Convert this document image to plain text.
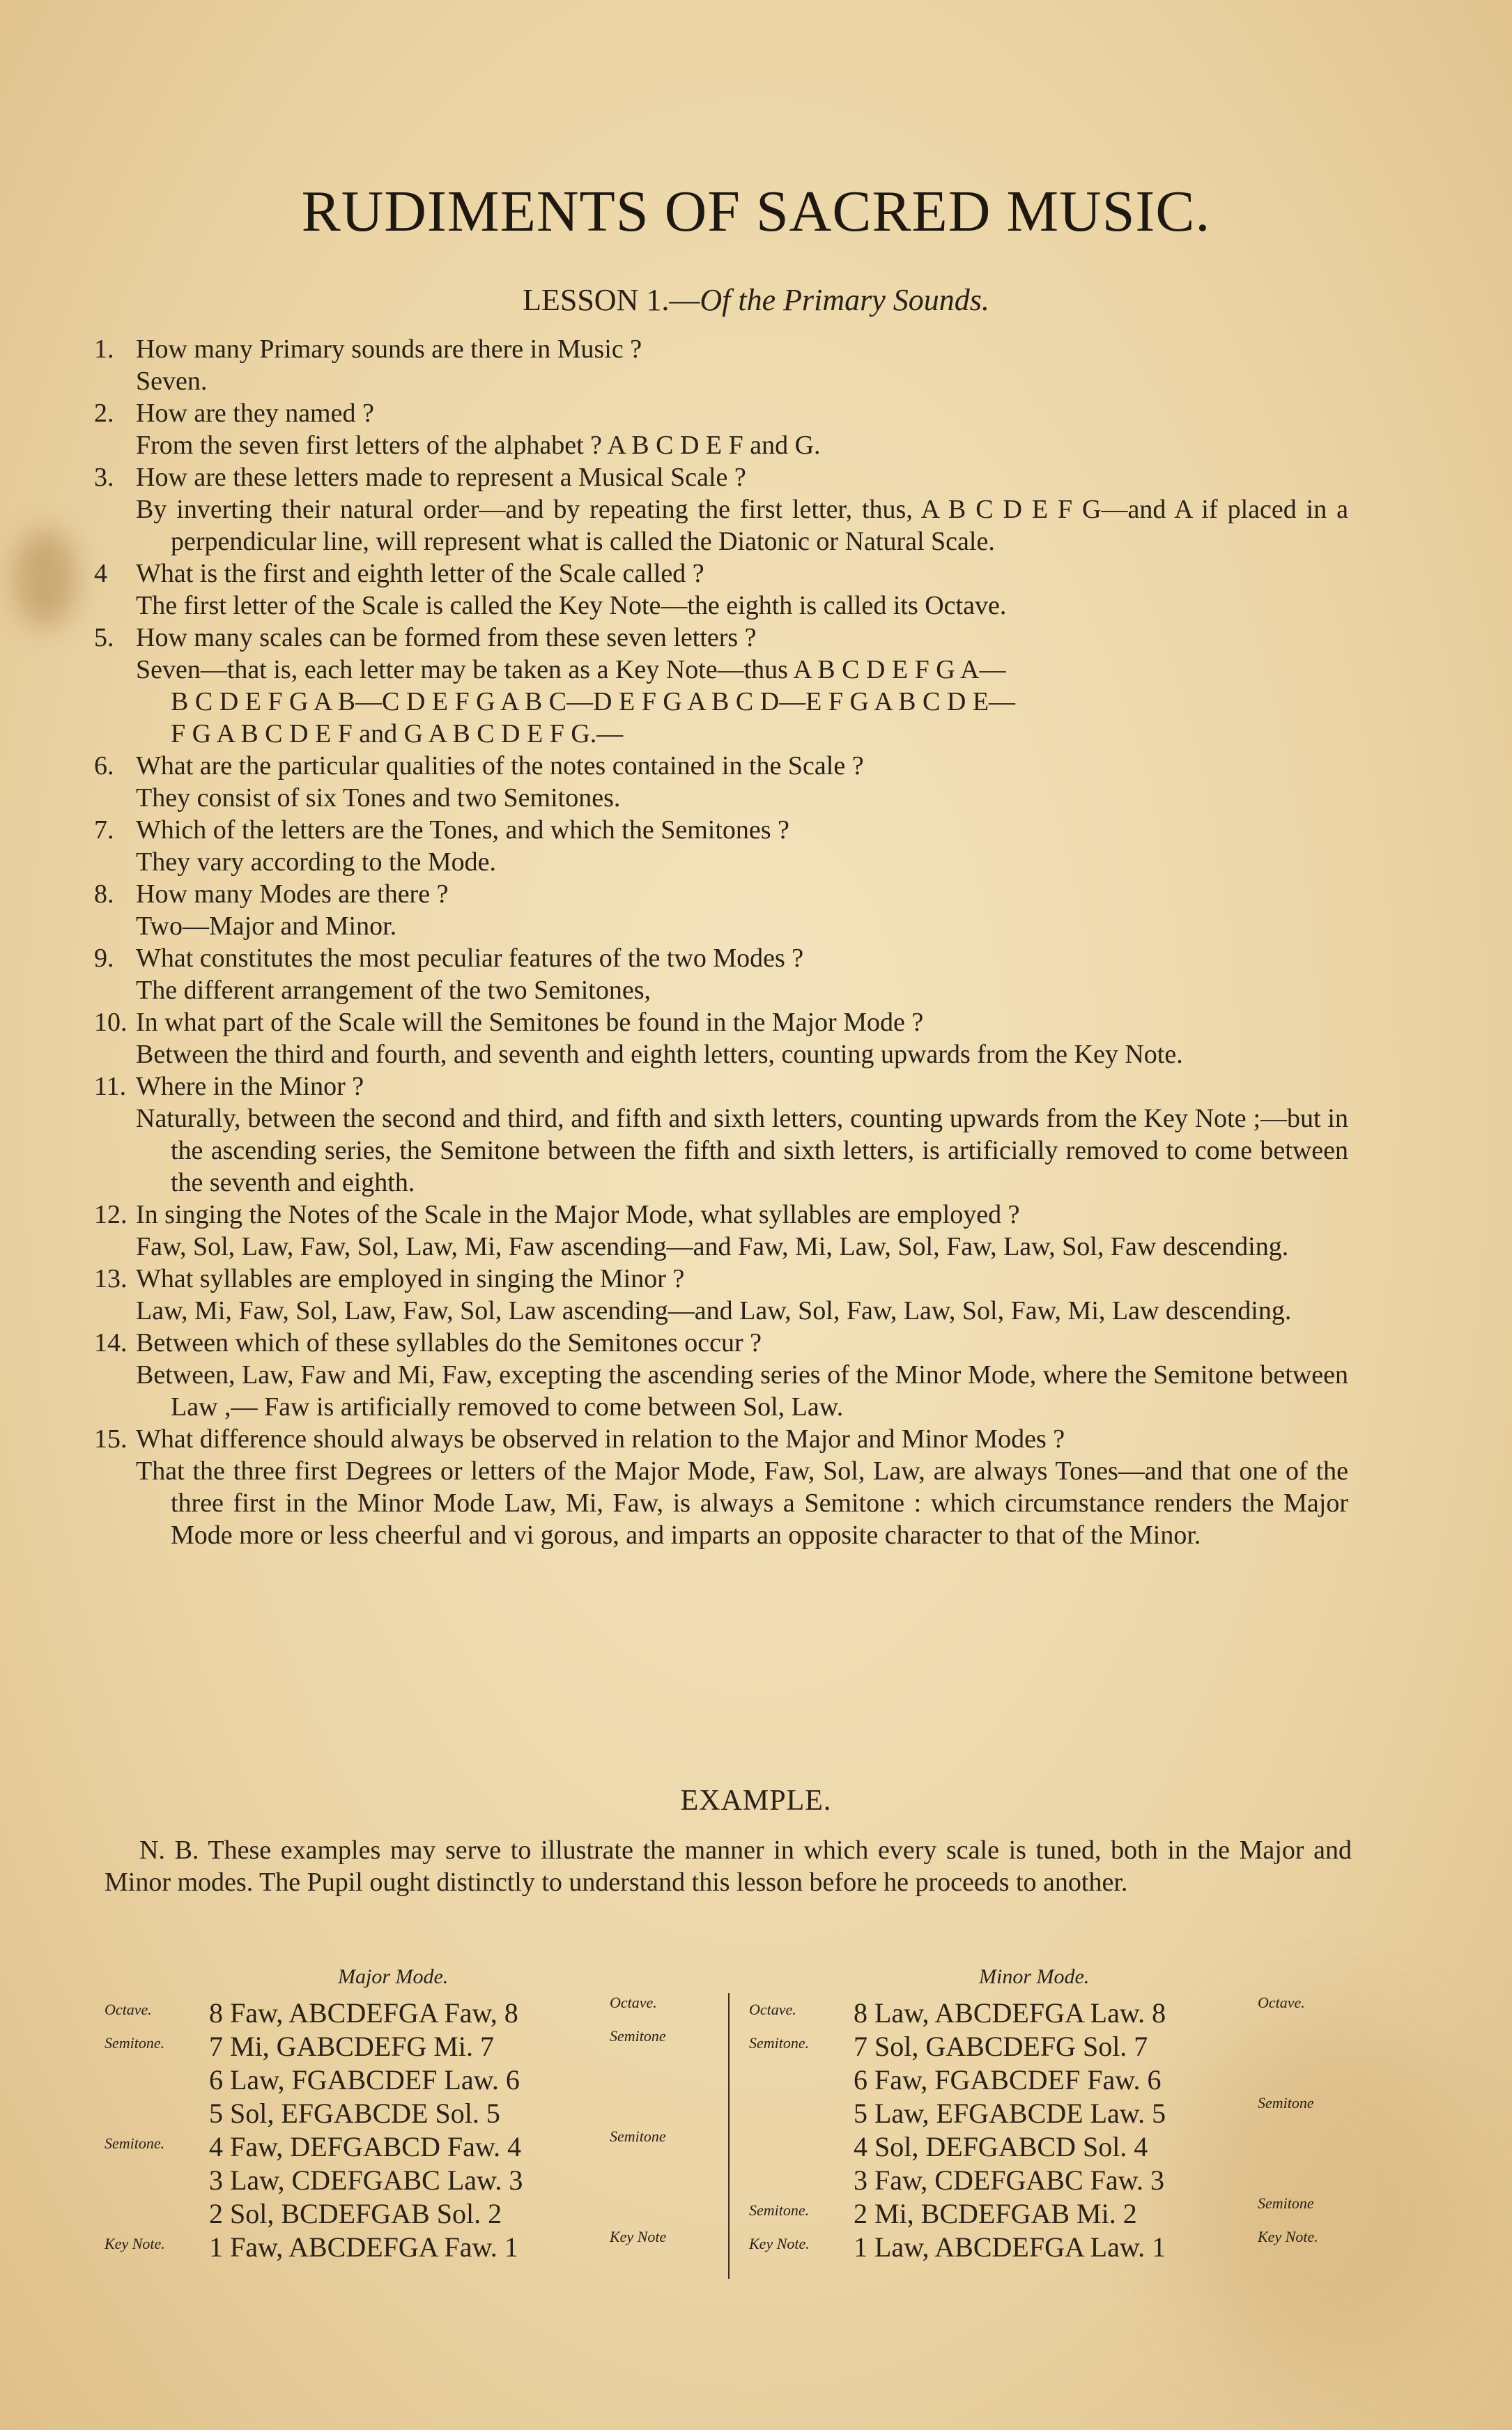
RUDIMENTS OF SACRED MUSIC.
LESSON 1.—Of the Primary Sounds.

1. How many Primary sounds are there in Music ?

Seven.

2. How are they named ?

From the seven first letters of the alphabet ? A B C D E F and G.

3. How are these letters made to represent a Musical Scale ?

By inverting their natural order—and by repeating the first letter, thus, A B C D E F G—and A if placed in a perpendicular line, will represent what is called the Diatonic or Natural Scale.

4 What is the first and eighth letter of the Scale called ?

The first letter of the Scale is called the Key Note—the eighth is called its Octave.

5. How many scales can be formed from these seven letters ?

Seven—that is, each letter may be taken as a Key Note—thus A B C D E F G A—
B C D E F G A B—C D E F G A B C—D E F G A B C D—E F G A B C D E—
F G A B C D E F and G A B C D E F G.—

6. What are the particular qualities of the notes contained in the Scale ?

They consist of six Tones and two Semitones.

7. Which of the letters are the Tones, and which the Semitones ?

They vary according to the Mode.

8. How many Modes are there ?

Two—Major and Minor.

9. What constitutes the most peculiar features of the two Modes ?

The different arrangement of the two Semitones,

10. In what part of the Scale will the Semitones be found in the Major Mode ?

Between the third and fourth, and seventh and eighth letters, counting upwards from the Key Note.

11. Where in the Minor ?

Naturally, between the second and third, and fifth and sixth letters, counting upwards from the Key Note ;—but in the ascending series, the Semitone between the fifth and sixth letters, is artificially removed to come between the seventh and eighth.

12. In singing the Notes of the Scale in the Major Mode, what syllables are employed ?

Faw, Sol, Law, Faw, Sol, Law, Mi, Faw ascending—and Faw, Mi, Law, Sol, Faw, Law, Sol, Faw descending.

13. What syllables are employed in singing the Minor ?

Law, Mi, Faw, Sol, Law, Faw, Sol, Law ascending—and Law, Sol, Faw, Law, Sol, Faw, Mi, Law descending.

14. Between which of these syllables do the Semitones occur ?

Between, Law, Faw and Mi, Faw, excepting the ascending series of the Minor Mode, where the Semitone between Law ,— Faw is artificially removed to come between Sol, Law.

15. What difference should always be observed in relation to the Major and Minor Modes ?

That the three first Degrees or letters of the Major Mode, Faw, Sol, Law, are always Tones—and that one of the three first in the Minor Mode Law, Mi, Faw, is always a Semitone : which circumstance renders the Major Mode more or less cheerful and vi gorous, and imparts an opposite character to that of the Minor.

EXAMPLE.
N. B. These examples may serve to illustrate the manner in which every scale is tuned, both in the Major and Minor modes. The Pupil ought distinctly to understand this lesson before he proceeds to another.
Major Mode.	Minor Mode.
Octave. 8 Faw, ABCDEFGA Faw, 8	Octave.
Semitone. 7 Mi, GABCDEFG Mi. 7	Semitone
6 Law, FGABCDEF Law. 6
5 Sol, EFGABCDE Sol. 5
Semitone. 4 Faw, DEFGABCD Faw. 4	Semitone
3 Law, CDEFGABC Law. 3
2 Sol, BCDEFGAB Sol. 2
Key Note. 1 Faw, ABCDEFGA Faw. 1	Key Note
Octave. 8 Law, ABCDEFGA Law. 8	Octave.
Semitone. 7 Sol, GABCDEFG Sol. 7
6 Faw, FGABCDEF Faw. 6
5 Law, EFGABCDE Law. 5	Semitone
4 Sol, DEFGABCD Sol. 4
3 Faw, CDEFGABC Faw. 3
Semitone. 2 Mi, BCDEFGAB Mi. 2	Semitone
Key Note. 1 Law, ABCDEFGA Law. 1	Key Note.
